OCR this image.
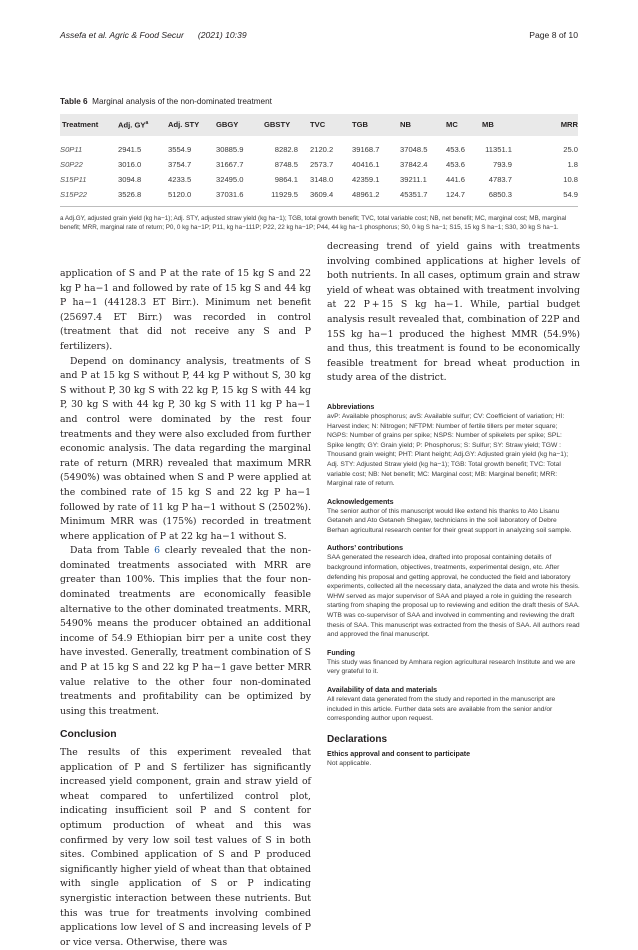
Assefa et al. Agric & Food Secur (2021) 10:39	Page 8 of 10
Table 6 Marginal analysis of the non-dominated treatment
Treatment	Adj. $GY^a$	Adj. STY	GBGY	GBSTY	TVC	TGB	NB	MC	MB	MRR
S0P11	2941.5	3554.9	30885.9	8282.8	2120.2	39168.7	37048.5	453.6	11351.1	25.0
S0P22	3016.0	3754.7	31667.7	8748.5	2573.7	40416.1	37842.4	453.6	793.9	1.8
S15P11	3094.8	4233.5	32495.0	9864.1	3148.0	42359.1	39211.1	441.6	4783.7	10.8
S15P22	3526.8	5120.0	37031.6	11929.5	3609.4	48961.2	45351.7	124.7	6850.3	54.9
a Adj.GY, adjusted grain yield (kg ha−1); Adj. STY, adjusted straw yield (kg ha−1); TGB, total growth benefit; TVC, total variable cost; NB, net benefit; MC, marginal cost; MB, marginal benefit; MRR, marginal rate of return; P0, 0 kg ha−1P; P11, kg ha−111P; P22, 22 kg ha−1P; P44, 44 kg ha−1 phosphorus; S0, 0 kg S ha−1; S15, 15 kg S ha−1; S30, 30 kg S ha−1.

application of S and P at the rate of 15 kg S and 22 kg P ha−1 and followed by rate of 15 kg S and 44 kg P ha−1 (44128.3 ET Birr.). Minimum net benefit (25697.4 ET Birr.) was recorded in control (treatment that did not receive any S and P fertilizers).

Depend on dominancy analysis, treatments of S and P at 15 kg S without P, 44 kg P without S, 30 kg S without P, 30 kg S with 22 kg P, 15 kg S with 44 kg P, 30 kg S with 44 kg P, 30 kg S with 11 kg P ha−1 and control were dominated by the rest four treatments and they were also excluded from further economic analysis. The data regarding the marginal rate of return (MRR) revealed that maximum MRR (5490%) was obtained when S and P were applied at the combined rate of 15 kg S and 22 kg P ha−1 followed by rate of 11 kg P ha−1 without S (2502%). Minimum MRR was (175%) recorded in treatment where application of P at 22 kg ha−1 without S.

Data from Table 6 clearly revealed that the non-dominated treatments associated with MRR are greater than 100%. This implies that the four non-dominated treatments are economically feasible alternative to the other dominated treatments. MRR, 5490% means the producer obtained an additional income of 54.9 Ethiopian birr per a unite cost they have invested. Generally, treatment combination of S and P at 15 kg S and 22 kg P ha−1 gave better MRR value relative to the other four non-dominated treatments and profitability can be optimized by using this treatment.

Conclusion

The results of this experiment revealed that application of P and S fertilizer has significantly increased yield component, grain and straw yield of wheat compared to unfertilized control plot, indicating insufficient soil P and S content for optimum production of wheat and this was confirmed by very low soil test values of S in both sites. Combined application of S and P produced significantly higher yield of wheat than that obtained with single application of S or P indicating synergistic interaction between these nutrients. But this was true for treatments involving combined applications low level of S and increasing levels of P or vice versa. Otherwise, there was

decreasing trend of yield gains with treatments involving combined applications at higher levels of both nutrients. In all cases, optimum grain and straw yield of wheat was obtained with treatment involving at 22 P + 15 S kg ha−1. While, partial budget analysis result revealed that, combination of 22P and 15S kg ha−1 produced the highest MMR (54.9%) and thus, this treatment is found to be economically feasible treatment for bread wheat production in study area of the district.

Abbreviations

avP: Available phosphorus; avS: Available sulfur; CV: Coefficient of variation; HI: Harvest index; N: Nitrogen; NFTPM: Number of fertile tillers per meter square; NGPS: Number of grains per spike; NSPS: Number of spikelets per spike; SPL: Spike length; GY: Grain yield; P: Phosphorus; S: Sulfur; SY: Straw yield; TGW : Thousand grain weight; PHT: Plant height; Adj.GY: Adjusted grain yield (kg ha−1); Adj. STY: Adjusted Straw yield (kg ha−1); TGB: Total growth benefit; TVC: Total variable cost; NB: Net benefit; MC: Marginal cost; MB: Marginal benefit; MRR: Marginal rate of return.

Acknowledgements

The senior author of this manuscript would like extend his thanks to Ato Lisanu Getaneh and Ato Getaneh Shegaw, technicians in the soil laboratory of Debre Berhan agricultural research center for their great support in analyzing soil sample.

Authors’ contributions

SAA generated the research idea, drafted into proposal containing details of background information, objectives, treatments, experimental design, etc. After defending his proposal and getting approval, he conducted the field and laboratory experiments, collected all the necessary data, analyzed the data and wrote his thesis. WHW served as major supervisor of SAA and played a role in guiding the research starting from shaping the proposal up to reviewing and edition the draft thesis of SAA. WTB was co-supervisor of SAA and involved in commenting and reviewing the draft thesis of SAA. This manuscript was extracted from the thesis of SAA. All authors read and approved the final manuscript.

Funding

This study was financed by Amhara region agricultural research Institute and we are very grateful to it.

Availability of data and materials

All relevant data generated from the study and reported in the manuscript are included in this article. Further data sets are available from the senior and/or corresponding author upon request.

Declarations
Ethics approval and consent to participate

Not applicable.
